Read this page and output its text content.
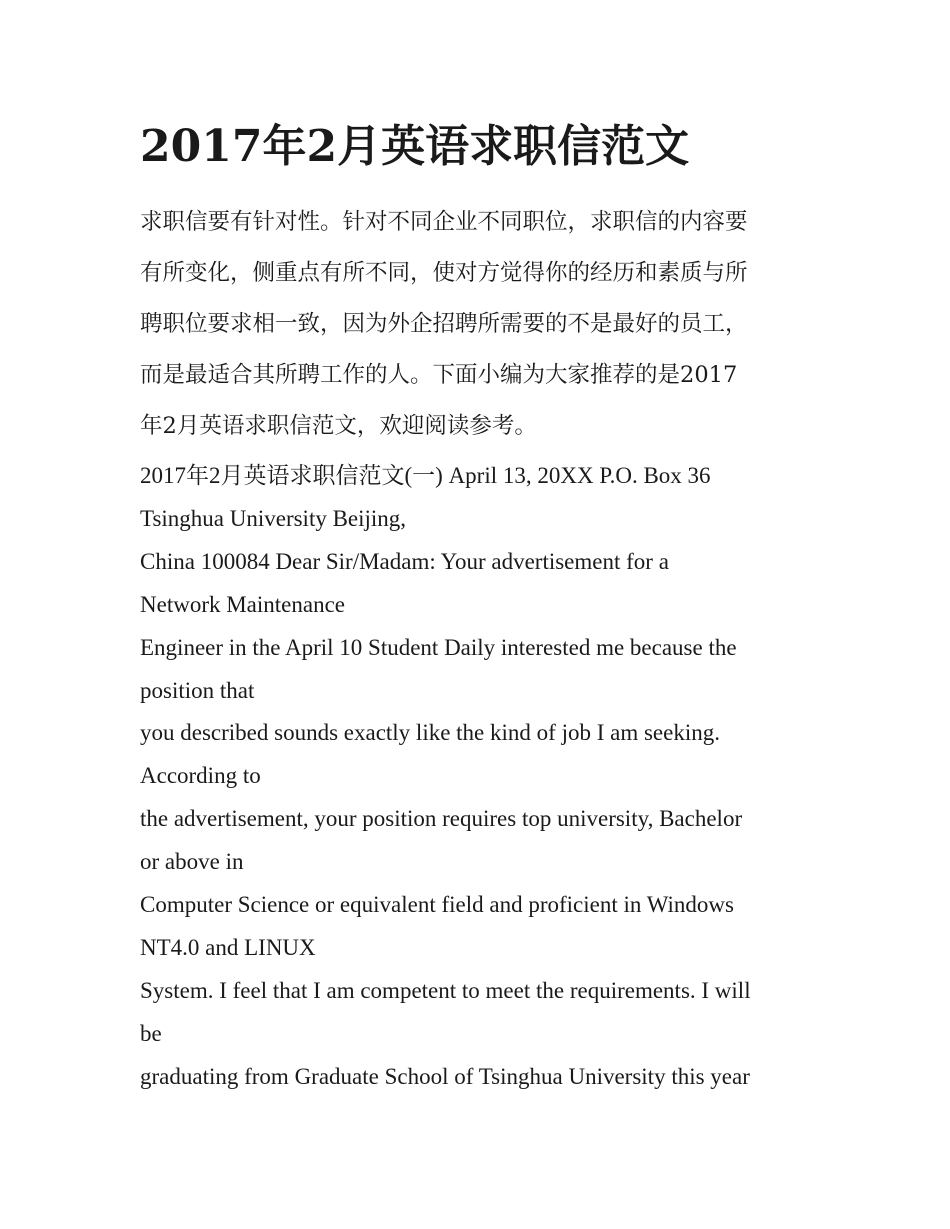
2017年2月英语求职信范文
求职信要有针对性。针对不同企业不同职位，求职信的内容要
有所变化，侧重点有所不同，使对方觉得你的经历和素质与所
聘职位要求相一致，因为外企招聘所需要的不是最好的员工，
而是最适合其所聘工作的人。下面小编为大家推荐的是2017
年2月英语求职信范文，欢迎阅读参考。
2017年2月英语求职信范文(一) April 13, 20XX P.O. Box 36
Tsinghua University Beijing,
China 100084 Dear Sir/Madam: Your advertisement for a
Network Maintenance
Engineer in the April 10 Student Daily interested me because the
position that
you described sounds exactly like the kind of job I am seeking.
According to
the advertisement, your position requires top university, Bachelor
or above in
Computer Science or equivalent field and proficient in Windows
NT4.0 and LINUX
System. I feel that I am competent to meet the requirements. I will
be
graduating from Graduate School of Tsinghua University this year
